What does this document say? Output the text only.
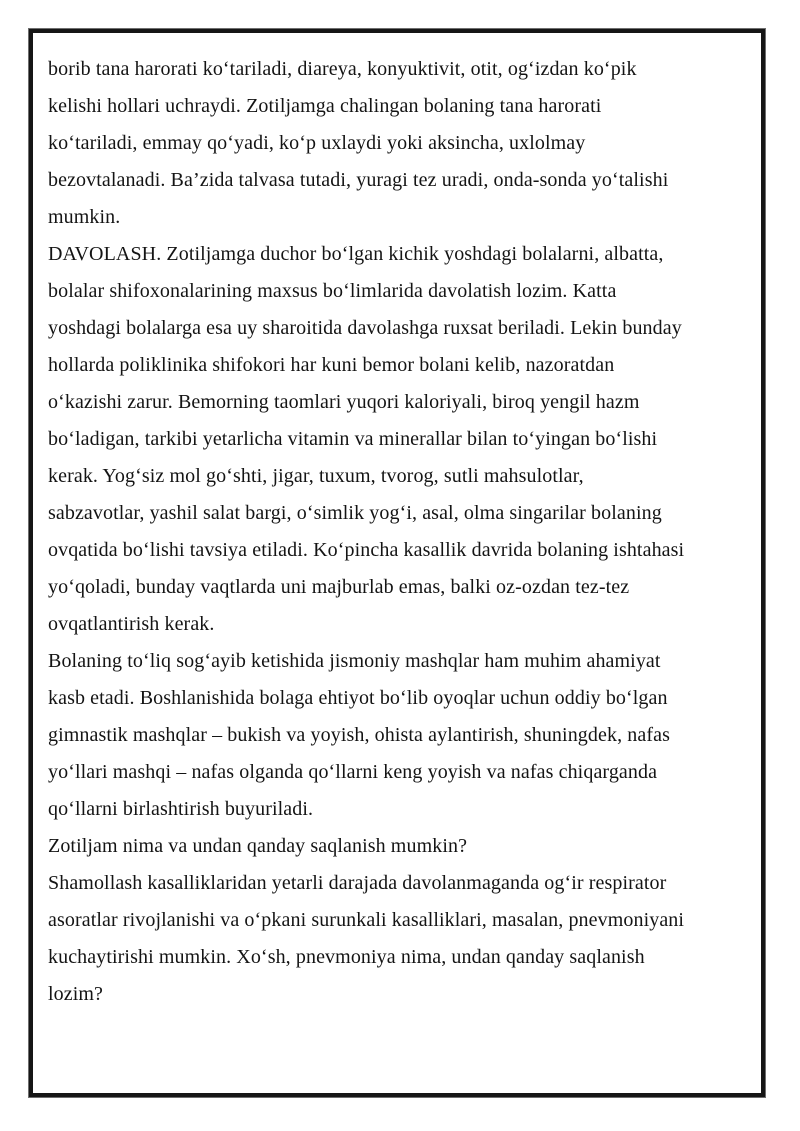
borib tana harorati ko‘tariladi, diareya, konyuktivit, otit, og‘izdan ko‘pik
kelishi hollari uchraydi. Zotiljamga chalingan bolaning tana harorati
ko‘tariladi, emmay qo‘yadi, ko‘p uxlaydi yoki aksincha, uxlolmay
bezovtalanadi. Ba’zida talvasa tutadi, yuragi tez uradi, onda-sonda yo‘talishi
mumkin.
DAVOLASH. Zotiljamga duchor bo‘lgan kichik yoshdagi bolalarni, albatta,
bolalar shifoxonalarining maxsus bo‘limlarida davolatish lozim. Katta
yoshdagi bolalarga esa uy sharoitida davolashga ruxsat beriladi. Lekin bunday
hollarda poliklinika shifokori har kuni bemor bolani kelib, nazoratdan
o‘kazishi zarur. Bemorning taomlari yuqori kaloriyali, biroq yengil hazm
bo‘ladigan, tarkibi yetarlicha vitamin va minerallar bilan to‘yingan bo‘lishi
kerak. Yog‘siz mol go‘shti, jigar, tuxum, tvorog, sutli mahsulotlar,
sabzavotlar, yashil salat bargi, o‘simlik yog‘i, asal, olma singarilar bolaning
ovqatida bo‘lishi tavsiya etiladi. Ko‘pincha kasallik davrida bolaning ishtahasi
yo‘qoladi, bunday vaqtlarda uni majburlab emas, balki oz-ozdan tez-tez
ovqatlantirish kerak.
Bolaning to‘liq sog‘ayib ketishida jismoniy mashqlar ham muhim ahamiyat
kasb etadi. Boshlanishida bolaga ehtiyot bo‘lib oyoqlar uchun oddiy bo‘lgan
gimnastik mashqlar – bukish va yoyish, ohista aylantirish, shuningdek, nafas
yo‘llari mashqi – nafas olganda qo‘llarni keng yoyish va nafas chiqarganda
qo‘llarni birlashtirish buyuriladi.
Zotiljam nima va undan qanday saqlanish mumkin?
Shamollash kasalliklaridan yetarli darajada davolanmaganda og‘ir respirator
asoratlar rivojlanishi va o‘pkani surunkali kasalliklari, masalan, pnevmoniyani
kuchaytirishi mumkin. Xo‘sh, pnevmoniya nima, undan qanday saqlanish
lozim?
